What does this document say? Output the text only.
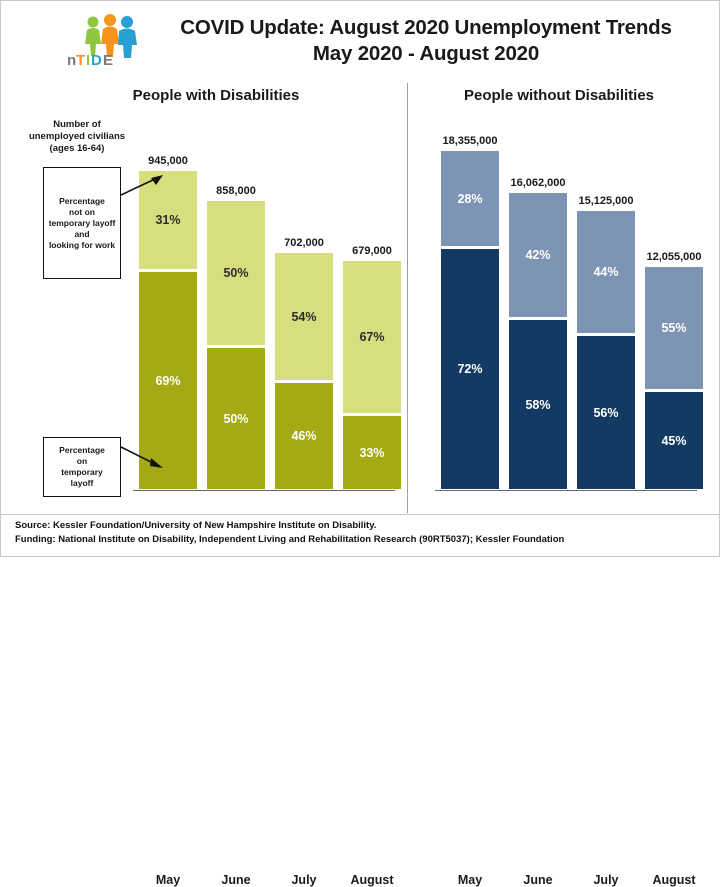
n T I D E
COVID Update: August 2020 Unemployment Trends
May 2020 - August 2020
People with Disabilities	People without Disabilities
945,000
31%
69%
May
858,000
50%
50%
June
702,000
54%
46%
July
679,000
67%
33%
August
18,355,000
28%
72%
May
16,062,000
42%
58%
June
15,125,000
44%
56%
July
12,055,000
55%
45%
August
Number of
unemployed civilians
(ages 16-64)
Percentage
not on
temporary layoff and
looking for work
Percentage
on
temporary
layoff
Source: Kessler Foundation/University of New Hampshire Institute on Disability.
Funding: National Institute on Disability, Independent Living and Rehabilitation Research (90RT5037); Kessler Foundation
